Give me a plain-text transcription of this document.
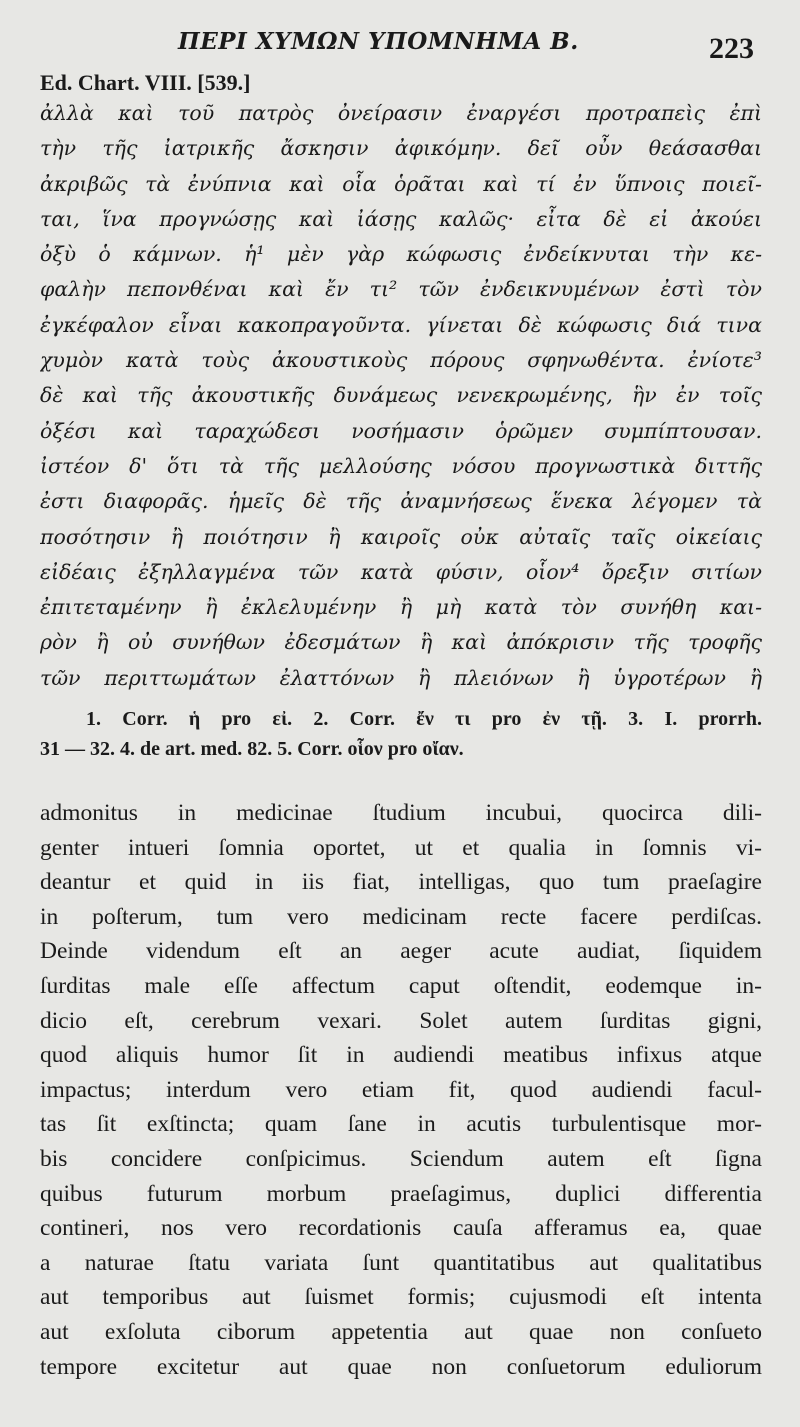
ΠΕΡΙ ΧΥΜΩΝ ΥΠΟΜΝΗΜΑ Β.	223
Ed. Chart. VIII. [539.]
ἀλλὰ καὶ τοῦ πατρὸς ὀνείρασιν ἐναργέσι προτραπεὶς ἐπὶ
τὴν τῆς ἰατρικῆς ἄσκησιν ἀφικόμην. δεῖ οὖν θεάσασθαι
ἀκριβῶς τὰ ἐνύπνια καὶ οἷα ὁρᾶται καὶ τί ἐν ὕπνοις ποιεῖ-
ται, ἵνα προγνώσῃς καὶ ἰάσῃς καλῶς· εἶτα δὲ εἰ ἀκούει
ὀξὺ ὁ κάμνων. ἡ¹ μὲν γὰρ κώφωσις ἐνδείκνυται τὴν κε-
φαλὴν πεπονθέναι καὶ ἔν τι² τῶν ἐνδεικνυμένων ἐστὶ τὸν
ἐγκέφαλον εἶναι κακοπραγοῦντα. γίνεται δὲ κώφωσις διά τινα
χυμὸν κατὰ τοὺς ἀκουστικοὺς πόρους σφηνωθέντα. ἐνίοτε³
δὲ καὶ τῆς ἀκουστικῆς δυνάμεως νενεκρωμένης, ἣν ἐν τοῖς
ὀξέσι καὶ ταραχώδεσι νοσήμασιν ὁρῶμεν συμπίπτουσαν.
ἰστέον δ' ὅτι τὰ τῆς μελλούσης νόσου προγνωστικὰ διττῆς
ἐστι διαφορᾶς. ἡμεῖς δὲ τῆς ἀναμνήσεως ἕνεκα λέγομεν τὰ
ποσότησιν ἢ ποιότησιν ἢ καιροῖς οὐκ αὐταῖς ταῖς οἰκείαις
εἰδέαις ἐξηλλαγμένα τῶν κατὰ φύσιν, οἷον⁴ ὄρεξιν σιτίων
ἐπιτεταμένην ἢ ἐκλελυμένην ἢ μὴ κατὰ τὸν συνήθη και-
ρὸν ἢ οὐ συνήθων ἐδεσμάτων ἢ καὶ ἀπόκρισιν τῆς τροφῆς
τῶν περιττωμάτων ἐλαττόνων ἢ πλειόνων ἢ ὑγροτέρων ἢ
1. Corr. ἡ pro εἰ. 2. Corr. ἔν τι pro ἐν τῇ. 3. I. prorrh.
31 — 32. 4. de art. med. 82. 5. Corr. οἷον pro οἴαν.
admonitus in medicinae ſtudium incubui, quocirca dili-
genter intueri ſomnia oportet, ut et qualia in ſomnis vi-
deantur et quid in iis fiat, intelligas, quo tum praeſagire
in poſterum, tum vero medicinam recte facere perdiſcas.
Deinde videndum eſt an aeger acute audiat, ſiquidem
ſurditas male eſſe affectum caput oſtendit, eodemque in-
dicio eſt, cerebrum vexari. Solet autem ſurditas gigni,
quod aliquis humor ſit in audiendi meatibus infixus atque
impactus; interdum vero etiam fit, quod audiendi facul-
tas ſit exſtincta; quam ſane in acutis turbulentisque mor-
bis concidere conſpicimus. Sciendum autem eſt ſigna
quibus futurum morbum praeſagimus, duplici differentia
contineri, nos vero recordationis cauſa afferamus ea, quae
a naturae ſtatu variata ſunt quantitatibus aut qualitatibus
aut temporibus aut ſuismet formis; cujusmodi eſt intenta
aut exſoluta ciborum appetentia aut quae non conſueto
tempore excitetur aut quae non conſuetorum eduliorum
